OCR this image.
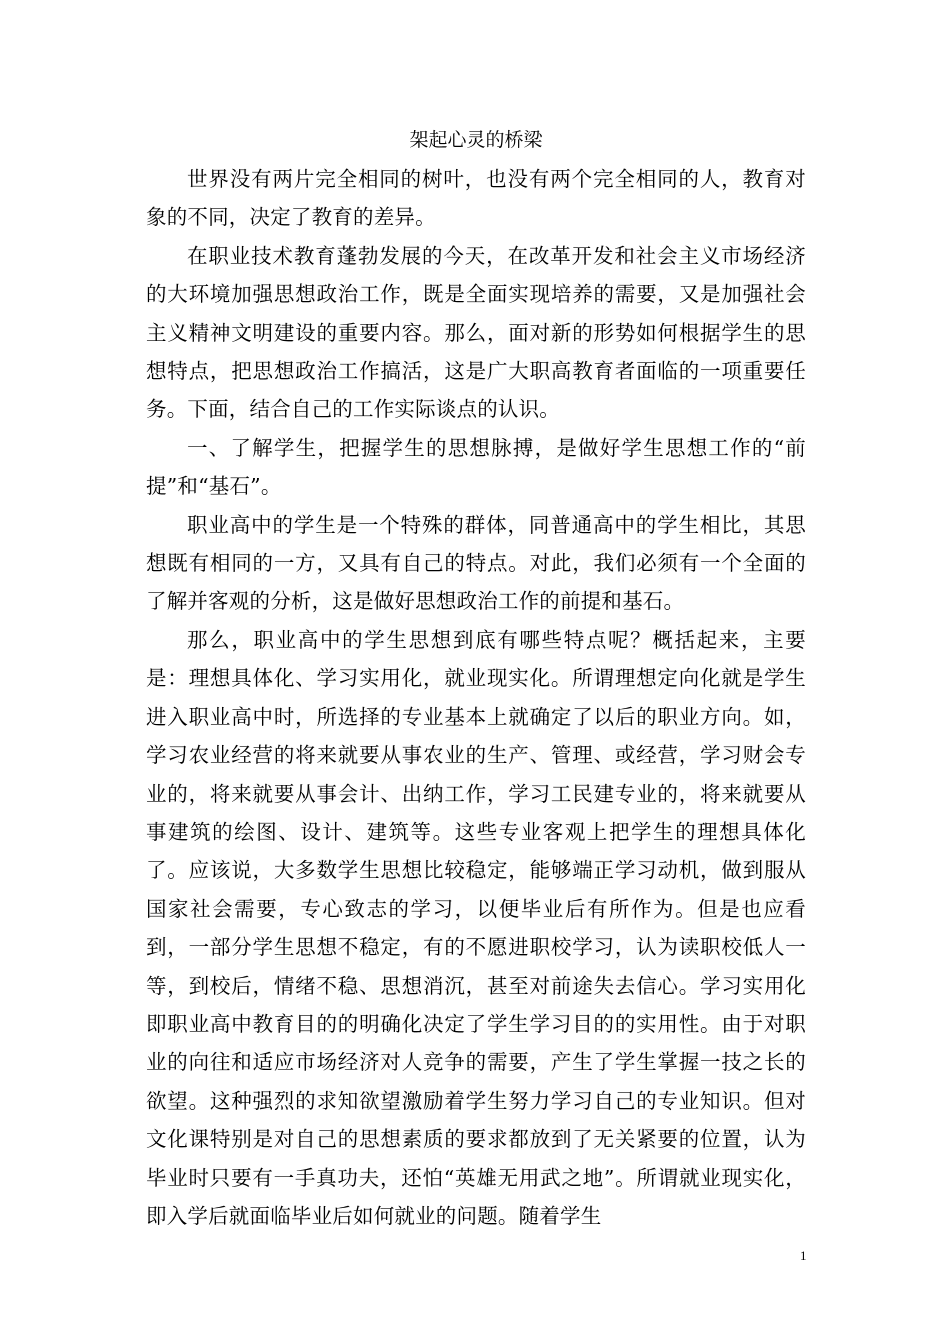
架起心灵的桥梁

世界没有两片完全相同的树叶，也没有两个完全相同的人，教育对象的不同，决定了教育的差异。

在职业技术教育蓬勃发展的今天，在改革开发和社会主义市场经济的大环境加强思想政治工作，既是全面实现培养的需要，又是加强社会主义精神文明建设的重要内容。那么，面对新的形势如何根据学生的思想特点，把思想政治工作搞活，这是广大职高教育者面临的一项重要任务。下面，结合自己的工作实际谈点的认识。

一、了解学生，把握学生的思想脉搏，是做好学生思想工作的“前提”和“基石”。

职业高中的学生是一个特殊的群体，同普通高中的学生相比，其思想既有相同的一方，又具有自己的特点。对此，我们必须有一个全面的了解并客观的分析，这是做好思想政治工作的前提和基石。

那么，职业高中的学生思想到底有哪些特点呢？概括起来，主要是：理想具体化、学习实用化，就业现实化。所谓理想定向化就是学生进入职业高中时，所选择的专业基本上就确定了以后的职业方向。如，学习农业经营的将来就要从事农业的生产、管理、或经营，学习财会专业的，将来就要从事会计、出纳工作，学习工民建专业的，将来就要从事建筑的绘图、设计、建筑等。这些专业客观上把学生的理想具体化了。应该说，大多数学生思想比较稳定，能够端正学习动机，做到服从国家社会需要，专心致志的学习，以便毕业后有所作为。但是也应看到，一部分学生思想不稳定，有的不愿进职校学习，认为读职校低人一等，到校后，情绪不稳、思想消沉，甚至对前途失去信心。学习实用化即职业高中教育目的的明确化决定了学生学习目的的实用性。由于对职业的向往和适应市场经济对人竞争的需要，产生了学生掌握一技之长的欲望。这种强烈的求知欲望激励着学生努力学习自己的专业知识。但对文化课特别是对自己的思想素质的要求都放到了无关紧要的位置，认为毕业时只要有一手真功夫，还怕“英雄无用武之地”。所谓就业现实化，即入学后就面临毕业后如何就业的问题。随着学生

1
